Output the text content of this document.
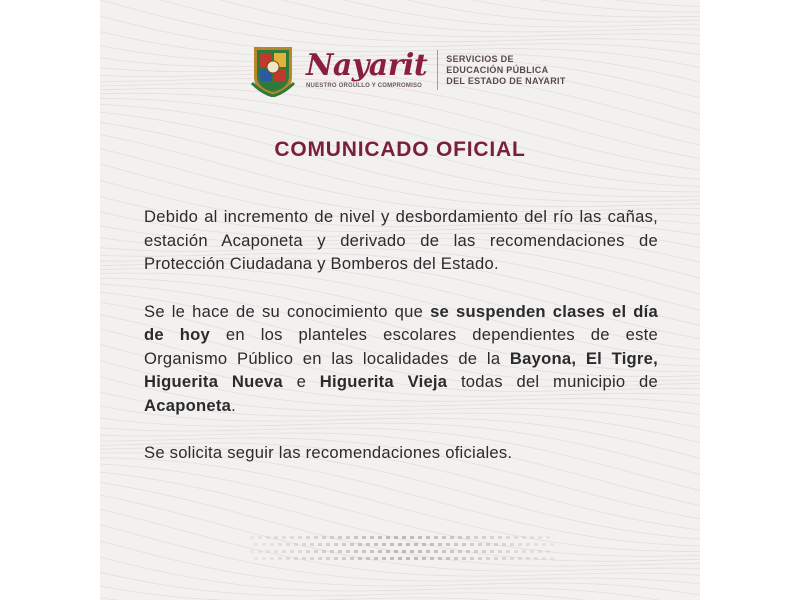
Nayarit
NUESTRO ORGULLO Y COMPROMISO
SERVICIOS DE
EDUCACIÓN PÚBLICA
DEL ESTADO DE NAYARIT
COMUNICADO OFICIAL

Debido al incremento de nivel y desbordamiento del río las cañas, estación Acaponeta y derivado de las recomendaciones de Protección Ciudadana y Bomberos del Estado.

Se le hace de su conocimiento que se suspenden clases el día de hoy en los planteles escolares dependientes de este Organismo Público en las localidades de la Bayona, El Tigre, Higuerita Nueva e Higuerita Vieja todas del municipio de Acaponeta.

Se solicita seguir las recomendaciones oficiales.
